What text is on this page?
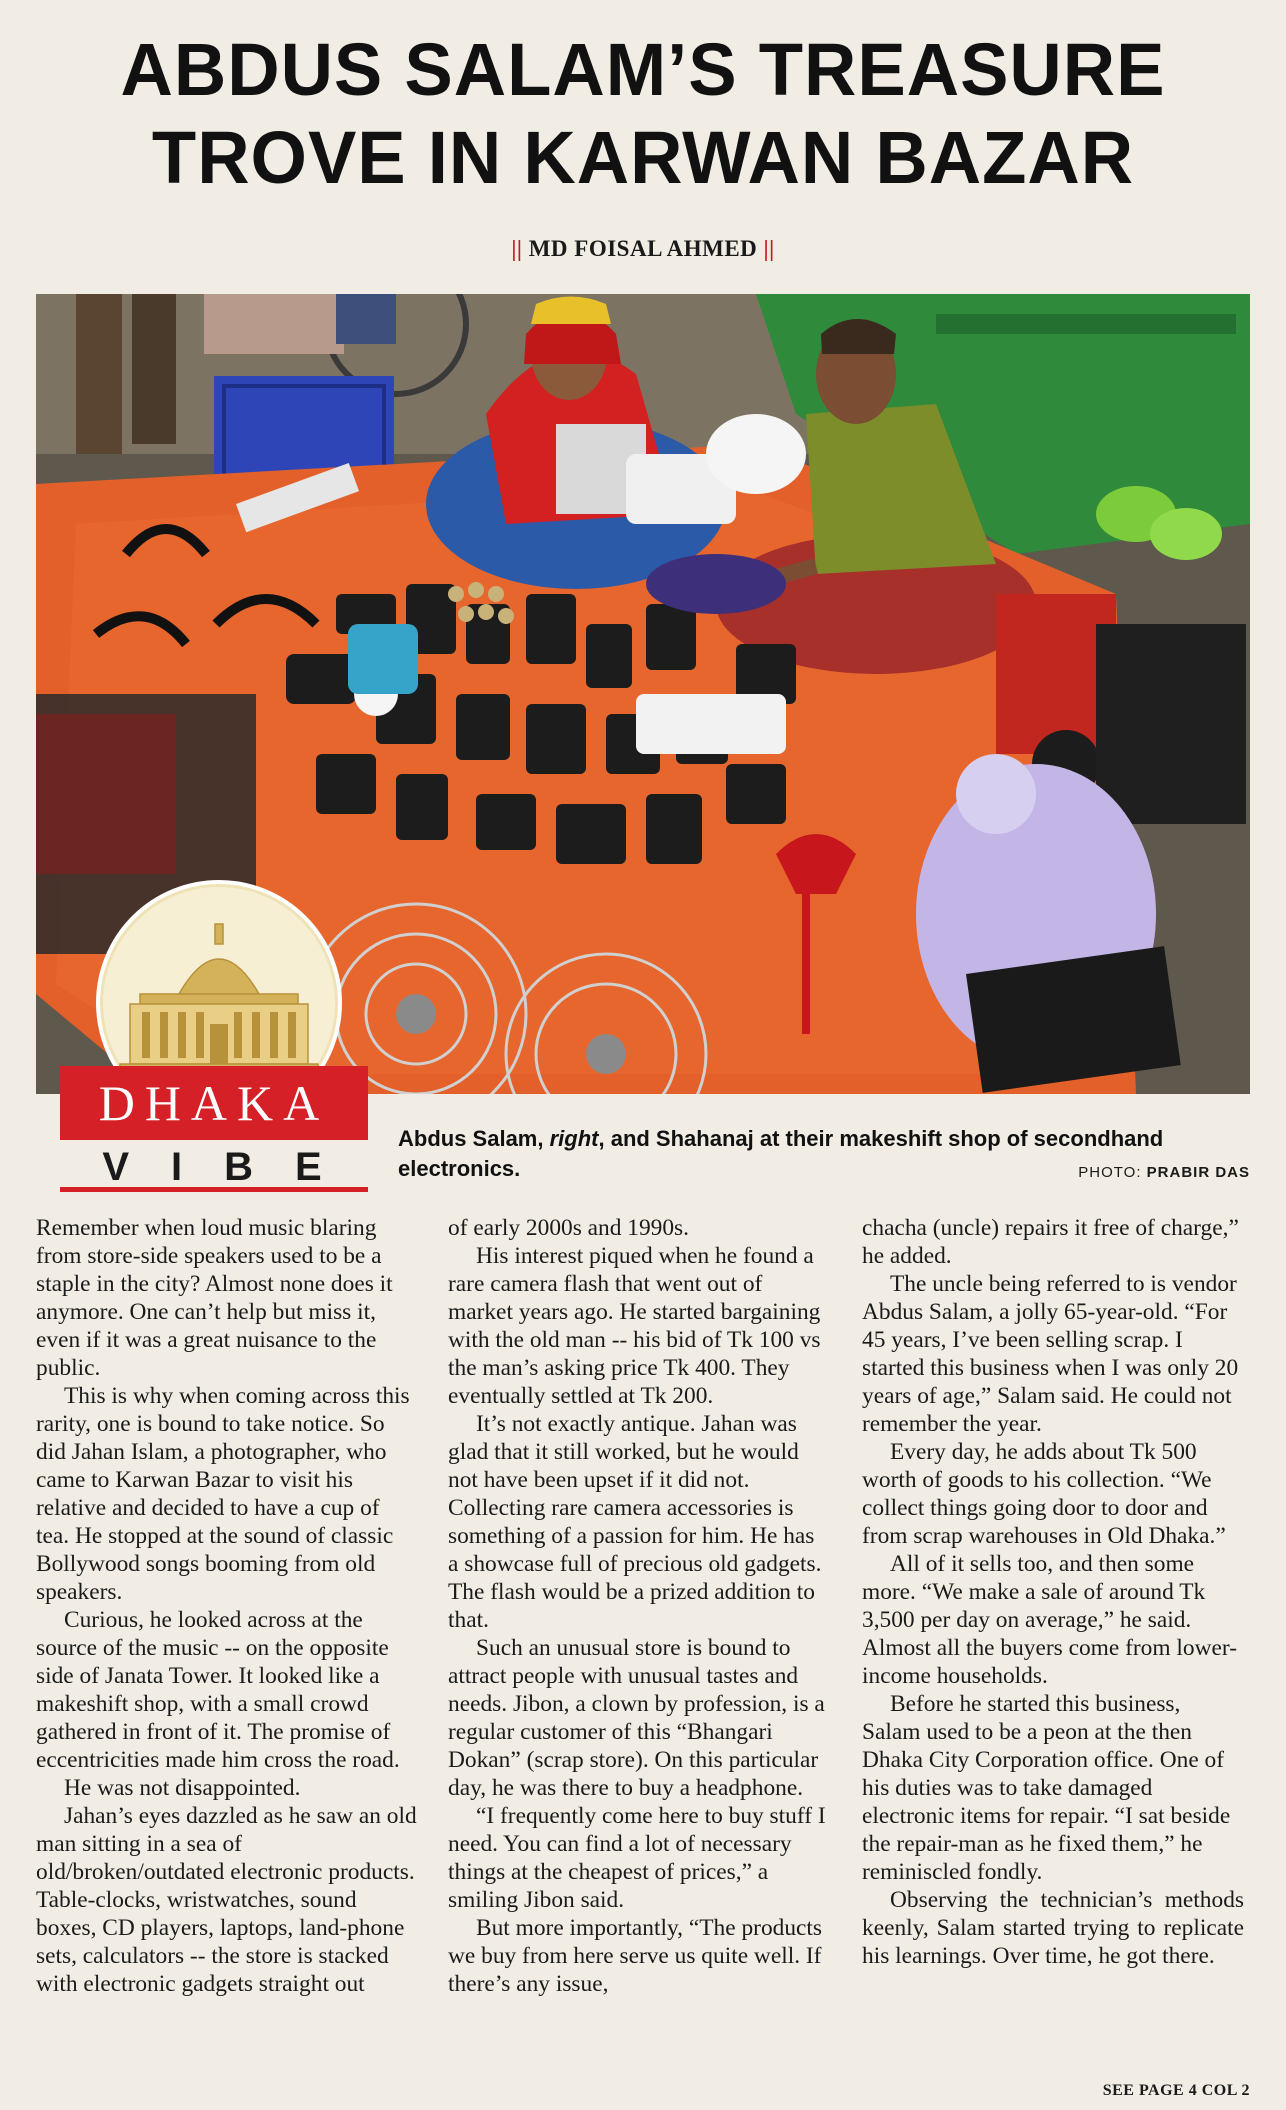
ABDUS SALAM’S TREASURE
TROVE IN KARWAN BAZAR
|| MD FOISAL AHMED ||
DHAKA
VIBE
Abdus Salam, right, and Shahanaj at their makeshift shop of secondhand electronics.	PHOTO: PRABIR DAS

Remember when loud music blaring from store-side speakers used to be a staple in the city? Almost none does it anymore. One can’t help but miss it, even if it was a great nuisance to the public.

This is why when coming across this rarity, one is bound to take notice. So did Jahan Islam, a photographer, who came to Karwan Bazar to visit his relative and decided to have a cup of tea. He stopped at the sound of classic Bollywood songs booming from old speakers.

Curious, he looked across at the source of the music -- on the opposite side of Janata Tower. It looked like a makeshift shop, with a small crowd gathered in front of it. The promise of eccentricities made him cross the road.

He was not disappointed.

Jahan’s eyes dazzled as he saw an old man sitting in a sea of old/broken/outdated electronic products. Table-clocks, wristwatches, sound boxes, CD players, laptops, land-phone sets, calculators -- the store is stacked with electronic gadgets straight out

of early 2000s and 1990s.

His interest piqued when he found a rare camera flash that went out of market years ago. He started bargaining with the old man -- his bid of Tk 100 vs the man’s asking price Tk 400. They eventually settled at Tk 200.

It’s not exactly antique. Jahan was glad that it still worked, but he would not have been upset if it did not. Collecting rare camera accessories is something of a passion for him. He has a showcase full of precious old gadgets. The flash would be a prized addition to that.

Such an unusual store is bound to attract people with unusual tastes and needs. Jibon, a clown by profession, is a regular customer of this “Bhangari Dokan” (scrap store). On this particular day, he was there to buy a headphone.

“I frequently come here to buy stuff I need. You can find a lot of necessary things at the cheapest of prices,” a smiling Jibon said.

But more importantly, “The products we buy from here serve us quite well. If there’s any issue,

chacha (uncle) repairs it free of charge,” he added.

The uncle being referred to is vendor Abdus Salam, a jolly 65-year-old. “For 45 years, I’ve been selling scrap. I started this business when I was only 20 years of age,” Salam said. He could not remember the year.

Every day, he adds about Tk 500 worth of goods to his collection. “We collect things going door to door and from scrap warehouses in Old Dhaka.”

All of it sells too, and then some more. “We make a sale of around Tk 3,500 per day on average,” he said. Almost all the buyers come from lower-income households.

Before he started this business, Salam used to be a peon at the then Dhaka City Corporation office. One of his duties was to take damaged electronic items for repair. “I sat beside the repair-man as he fixed them,” he reminiscled fondly.

Observing the technician’s methods keenly, Salam started trying to replicate his learnings. Over time, he got there.

SEE PAGE 4 COL 2
